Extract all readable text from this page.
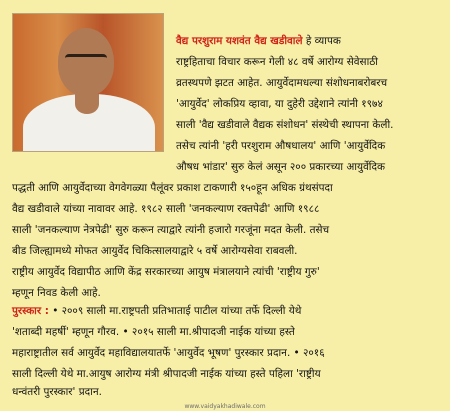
वैद्य परशुराम यशवंत वैद्य खडीवाले हे व्यापक

राष्ट्रहिताचा विचार करून गेली ४८ वर्षे आरोग्य सेवेसाठी

व्रतस्थपणे झटत आहेत. आयुर्वेदामधल्या संशोधनाबरोबरच

'आयुर्वेद' लोकप्रिय व्हावा, या दुहेरी उद्देशाने त्यांनी १९७४

साली 'वैद्य खडीवाले वैद्यक संशोधन' संस्थेची स्थापना केली.

तसेच त्यांनी 'हरी परशुराम औषधालय' आणि 'आयुर्वेदिक

औषध भांडार' सुरु केलं असून २०० प्रकारच्या आयुर्वेदिक

पद्धती आणि आयुर्वेदाच्या वेगवेगळ्या पैलूंवर प्रकाश टाकणारी १५०हून अधिक ग्रंथसंपदा

वैद्य खडीवाले यांच्या नावावर आहे. १९८२ साली 'जनकल्याण रक्तपेढी' आणि १९८८

साली 'जनकल्याण नेत्रपेढी' सुरु करून त्याद्वारे त्यांनी हजारो गरजूंना मदत केली. तसेच

बीड जिल्ह्यामध्ये मोफत आयुर्वेद चिकित्सालयाद्वारे ५ वर्षे आरोग्यसेवा राबवली.

राष्ट्रीय आयुर्वेद विद्यापीठ आणि केंद्र सरकारच्या आयुष मंत्रालयाने त्यांची 'राष्ट्रीय गुरु'

म्हणून निवड केली आहे.

पुरस्कार : • २००९ साली मा.राष्ट्रपती प्रतिभाताई पाटील यांच्या तर्फे दिल्ली येथे

'शताब्दी महर्षी' म्हणून गौरव. • २०१५ साली मा.श्रीपादजी नाईक यांच्या हस्ते

महाराष्ट्रातील सर्व आयुर्वेद महाविद्यालयातर्फे 'आयुर्वेद भूषण' पुरस्कार प्रदान. • २०१६

साली दिल्ली येथे मा.आयुष आरोग्य मंत्री श्रीपादजी नाईक यांच्या हस्ते पहिला 'राष्ट्रीय

धन्वंतरी पुरस्कार' प्रदान.

www.vaidyakhadiwale.com
